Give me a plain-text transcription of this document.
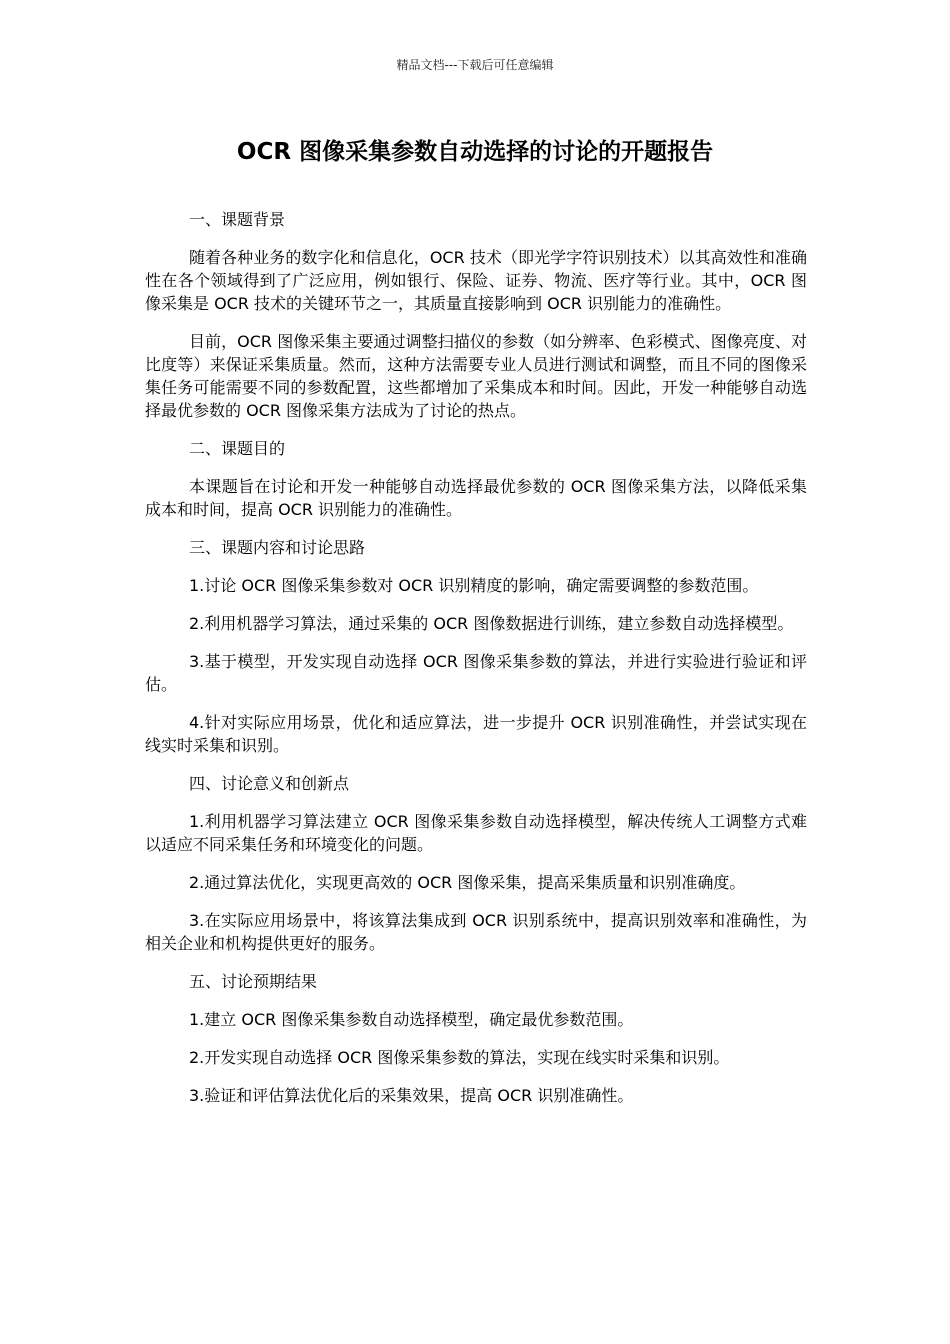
精品文档---下载后可任意编辑
OCR 图像采集参数自动选择的讨论的开题报告

一、课题背景

随着各种业务的数字化和信息化，OCR 技术（即光学字符识别技术）以其高效性和准确性在各个领域得到了广泛应用，例如银行、保险、证券、物流、医疗等行业。其中，OCR 图像采集是 OCR 技术的关键环节之一，其质量直接影响到 OCR 识别能力的准确性。

目前，OCR 图像采集主要通过调整扫描仪的参数（如分辨率、色彩模式、图像亮度、对比度等）来保证采集质量。然而，这种方法需要专业人员进行测试和调整，而且不同的图像采集任务可能需要不同的参数配置，这些都增加了采集成本和时间。因此，开发一种能够自动选择最优参数的 OCR 图像采集方法成为了讨论的热点。

二、课题目的

本课题旨在讨论和开发一种能够自动选择最优参数的 OCR 图像采集方法，以降低采集成本和时间，提高 OCR 识别能力的准确性。

三、课题内容和讨论思路

1.讨论 OCR 图像采集参数对 OCR 识别精度的影响，确定需要调整的参数范围。

2.利用机器学习算法，通过采集的 OCR 图像数据进行训练，建立参数自动选择模型。

3.基于模型，开发实现自动选择 OCR 图像采集参数的算法，并进行实验进行验证和评估。

4.针对实际应用场景，优化和适应算法，进一步提升 OCR 识别准确性，并尝试实现在线实时采集和识别。

四、讨论意义和创新点

1.利用机器学习算法建立 OCR 图像采集参数自动选择模型，解决传统人工调整方式难以适应不同采集任务和环境变化的问题。

2.通过算法优化，实现更高效的 OCR 图像采集，提高采集质量和识别准确度。

3.在实际应用场景中，将该算法集成到 OCR 识别系统中，提高识别效率和准确性，为相关企业和机构提供更好的服务。

五、讨论预期结果

1.建立 OCR 图像采集参数自动选择模型，确定最优参数范围。

2.开发实现自动选择 OCR 图像采集参数的算法，实现在线实时采集和识别。

3.验证和评估算法优化后的采集效果，提高 OCR 识别准确性。
